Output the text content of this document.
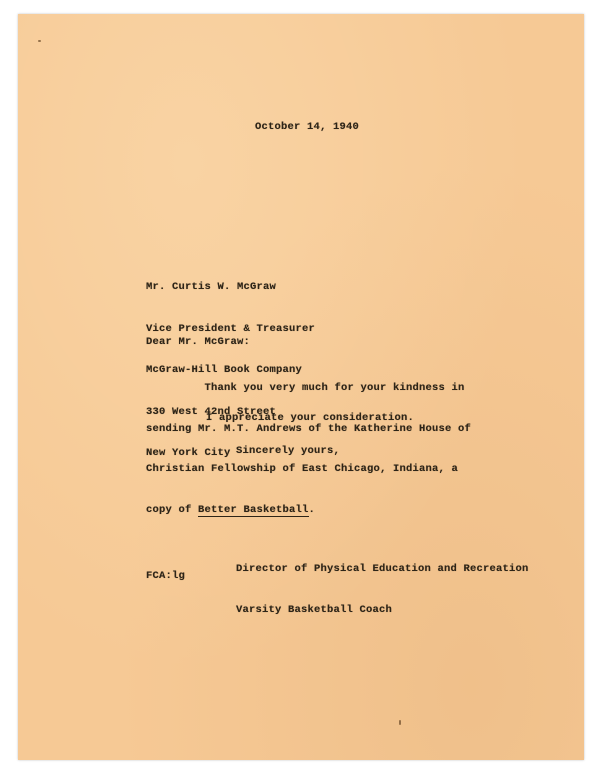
October 14, 1940

Mr. Curtis W. McGraw

Vice President & Treasurer

McGraw-Hill Book Company

330 West 42nd Street

New York City

Dear Mr. McGraw:

Thank you very much for your kindness in

sending Mr. M.T. Andrews of the Katherine House of

Christian Fellowship of East Chicago, Indiana, a

copy of Better Basketball.

I appreciate your consideration.
Sincerely yours,

Director of Physical Education and Recreation

Varsity Basketball Coach

FCA:lg
